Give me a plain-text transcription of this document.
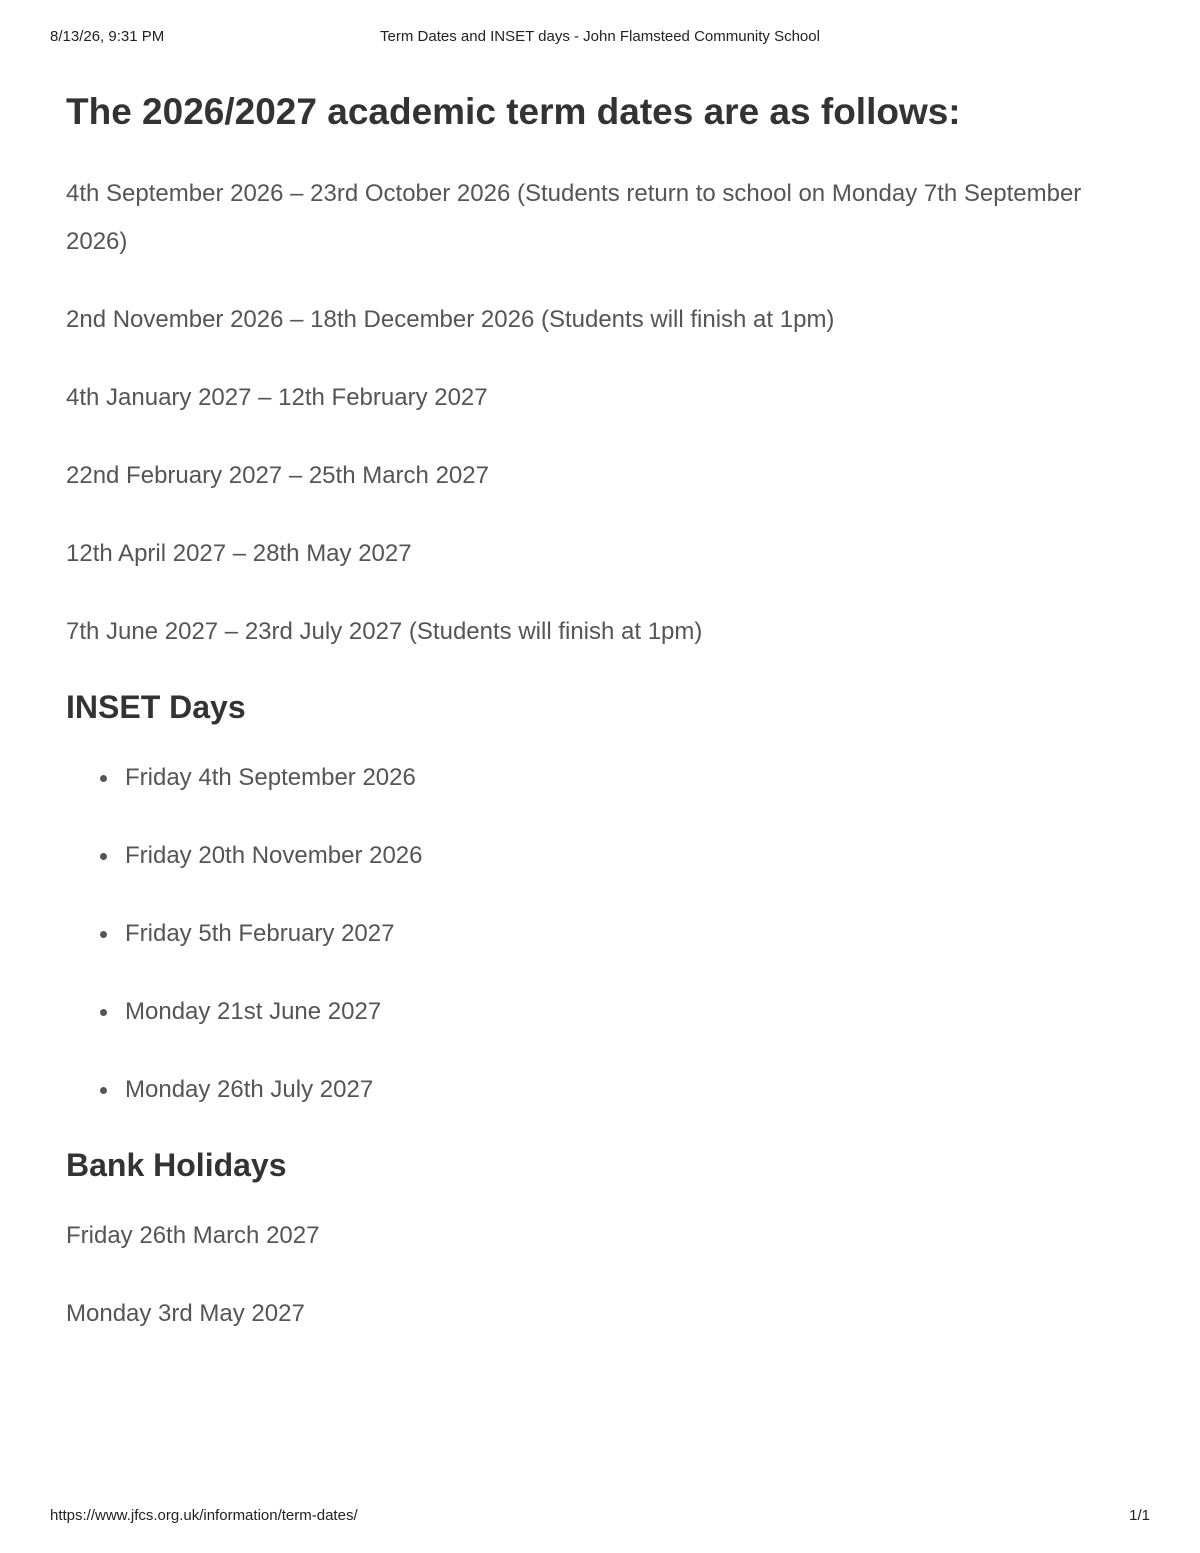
8/13/26, 9:31 PM	Term Dates and INSET days - John Flamsteed Community School
The 2026/2027 academic term dates are as follows:

4th September 2026 – 23rd October 2026 (Students return to school on Monday 7th September 2026)

2nd November 2026 – 18th December 2026 (Students will finish at 1pm)

4th January 2027 – 12th February 2027

22nd February 2027 – 25th March 2027

12th April 2027 – 28th May 2027

7th June 2027 – 23rd July 2027 (Students will finish at 1pm)

INSET Days
Friday 4th September 2026
Friday 20th November 2026
Friday 5th February 2027
Monday 21st June 2027
Monday 26th July 2027
Bank Holidays

Friday 26th March 2027

Monday 3rd May 2027

https://www.jfcs.org.uk/information/term-dates/	1/1
